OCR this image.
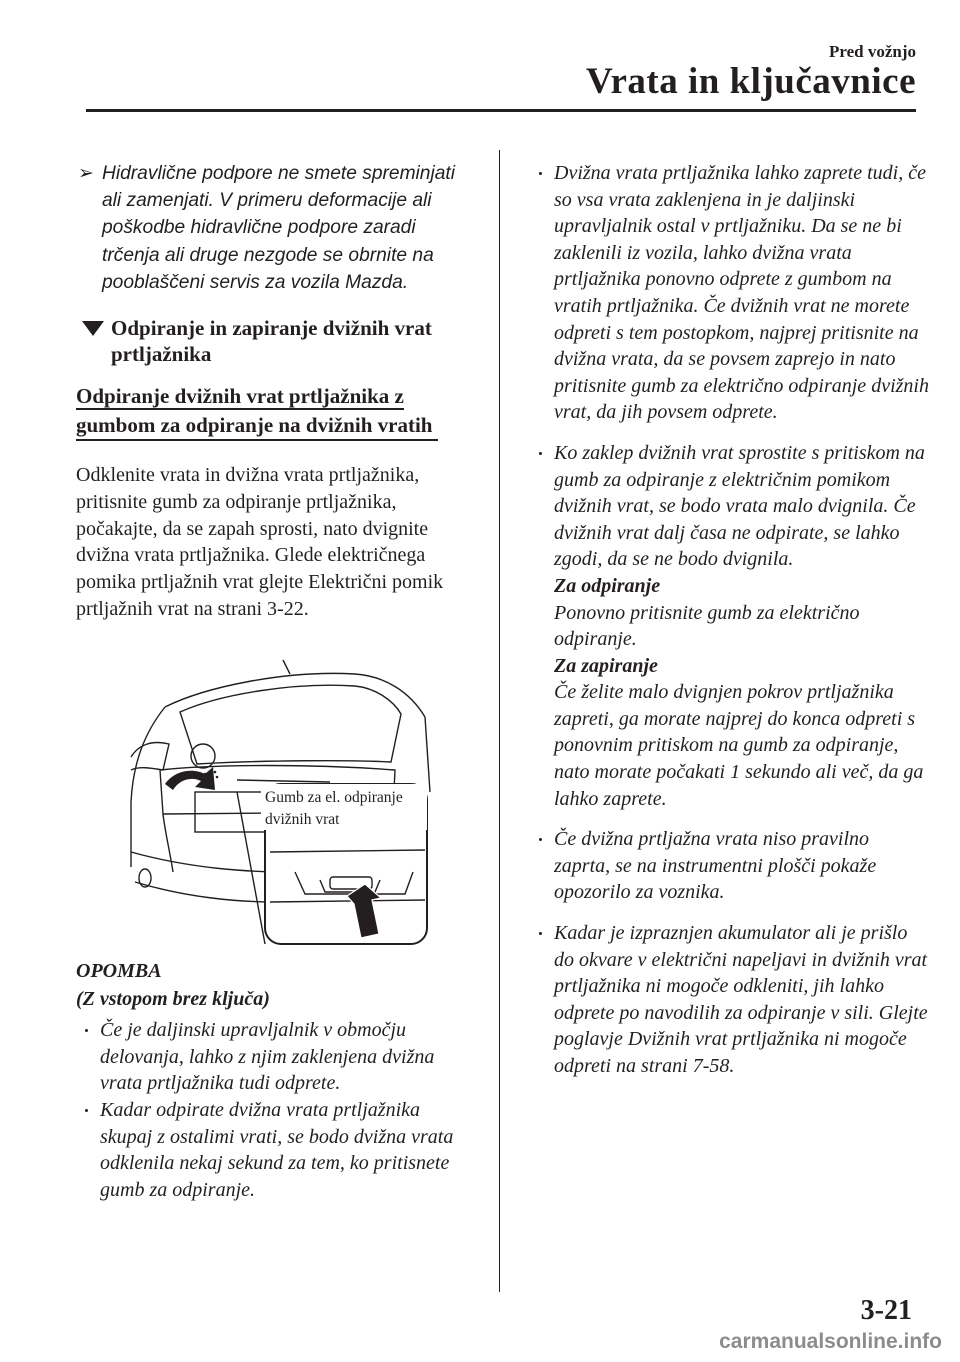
Pred vožnjo
Vrata in ključavnice
➢ Hidravlične podpore ne smete spreminjati ali zamenjati. V primeru deformacije ali poškodbe hidravlične podpore zaradi trčenja ali druge nezgode se obrnite na pooblaščeni servis za vozila Mazda.
Odpiranje in zapiranje dvižnih vrat prtljažnika
Odpiranje dvižnih vrat prtljažnika z
gumbom za odpiranje na dvižnih vratih
Odklenite vrata in dvižna vrata prtljažnika, pritisnite gumb za odpiranje prtljažnika, počakajte, da se zapah sprosti, nato dvignite dvižna vrata prtljažnika. Glede električnega pomika prtljažnih vrat glejte Električni pomik prtljažnih vrat na strani 3-22.
Gumb za el. odpiranje
dvižnih vrat
OPOMBA
(Z vstopom brez ključa)
Če je daljinski upravljalnik v območju delovanja, lahko z njim zaklenjena dvižna vrata prtljažnika tudi odprete.
Kadar odpirate dvižna vrata prtljažnika skupaj z ostalimi vrati, se bodo dvižna vrata odklenila nekaj sekund za tem, ko pritisnete gumb za odpiranje.
Dvižna vrata prtljažnika lahko zaprete tudi, če so vsa vrata zaklenjena in je daljinski upravljalnik ostal v prtljažniku. Da se ne bi zaklenili iz vozila, lahko dvižna vrata prtljažnika ponovno odprete z gumbom na vratih prtljažnika. Če dvižnih vrat ne morete odpreti s tem postopkom, najprej pritisnite na dvižna vrata, da se povsem zaprejo in nato pritisnite gumb za električno odpiranje dvižnih vrat, da jih povsem odprete.
Ko zaklep dvižnih vrat sprostite s pritiskom na gumb za odpiranje z električnim pomikom dvižnih vrat, se bodo vrata malo dvignila. Če dvižnih vrat dalj časa ne odpirate, se lahko zgodi, da se ne bodo dvignila.
Za odpiranje
Ponovno pritisnite gumb za električno odpiranje.
Za zapiranje
Če želite malo dvignjen pokrov prtljažnika zapreti, ga morate najprej do konca odpreti s ponovnim pritiskom na gumb za odpiranje, nato morate počakati 1 sekundo ali več, da ga lahko zaprete.
Če dvižna prtljažna vrata niso pravilno zaprta, se na instrumentni plošči pokaže opozorilo za voznika.
Kadar je izpraznjen akumulator ali je prišlo do okvare v električni napeljavi in dvižnih vrat prtljažnika ni mogoče odkleniti, jih lahko odprete po navodilih za odpiranje v sili. Glejte poglavje Dvižnih vrat prtljažnika ni mogoče odpreti na strani 7-58.
3-21
carmanualsonline.info
